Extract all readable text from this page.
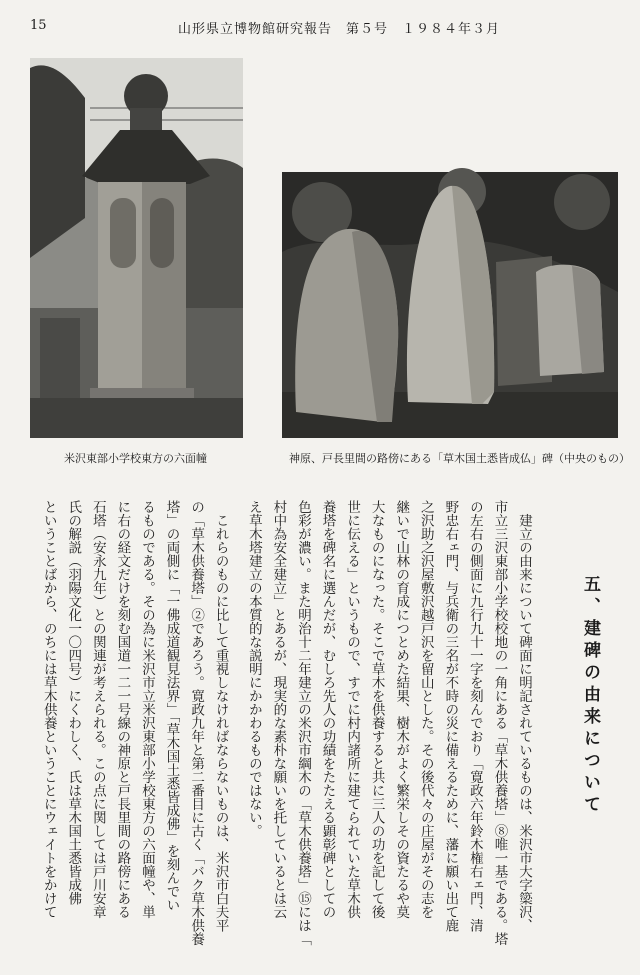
15	山形県立博物館研究報告　第５号　１９８４年３月
米沢東部小学校東方の六面幢	神原、戸長里間の路傍にある「草木国土悉皆成仏」碑（中央のもの）
五、建碑の由来について
　建立の由来について碑面に明記されているものは、米沢市大字簗沢、
市立三沢東部小学校校地の一角にある「草木供養塔」⑧唯一基である。塔
の左右の側面に九行九十一字を刻んでおり「寛政六年鈴木権右ェ門、清
野忠右ェ門、与兵衛の三名が不時の災に備えるために、藩に願い出て鹿
之沢助之沢屋敷沢越戸沢を留山とした。その後代々の庄屋がその志を
継いで山林の育成につとめた結果、樹木がよく繁栄しその資たるや莫
大なものになった。そこで草木を供養すると共に三人の功を記して後
世に伝える」というもので、すでに村内諸所に建てられていた草木供
養塔を碑名に選んだが、むしろ先人の功績をたたえる顕彰碑としての
色彩が濃い。また明治十二年建立の米沢市綱木の「草木供養塔」⑮には「
村中為安全建立」とあるが、現実的な素朴な願いを托しているとは云
え草木塔建立の本質的な説明にかかわるものではない。
　これらのものに比して重視しなければならないものは、米沢市白夫平
の「草木供養塔」②であろう。寛政九年と第二番目に古く「バク草木供養
塔」の両側に「一佛成道観見法界」「草木国土悉皆成佛」を刻んでい
るものである。その為に米沢市立米沢東部小学校東方の六面幢や、単
に右の経文だけを刻む国道一二一号線の神原と戸長里間の路傍にある
石塔（安永九年）との関連が考えられる。この点に関しては戸川安章
氏の解説（羽陽文化一〇四号）にくわしく、氏は草木国土悉皆成佛
ということばから、のちには草木供養ということにウェイトをかけて
